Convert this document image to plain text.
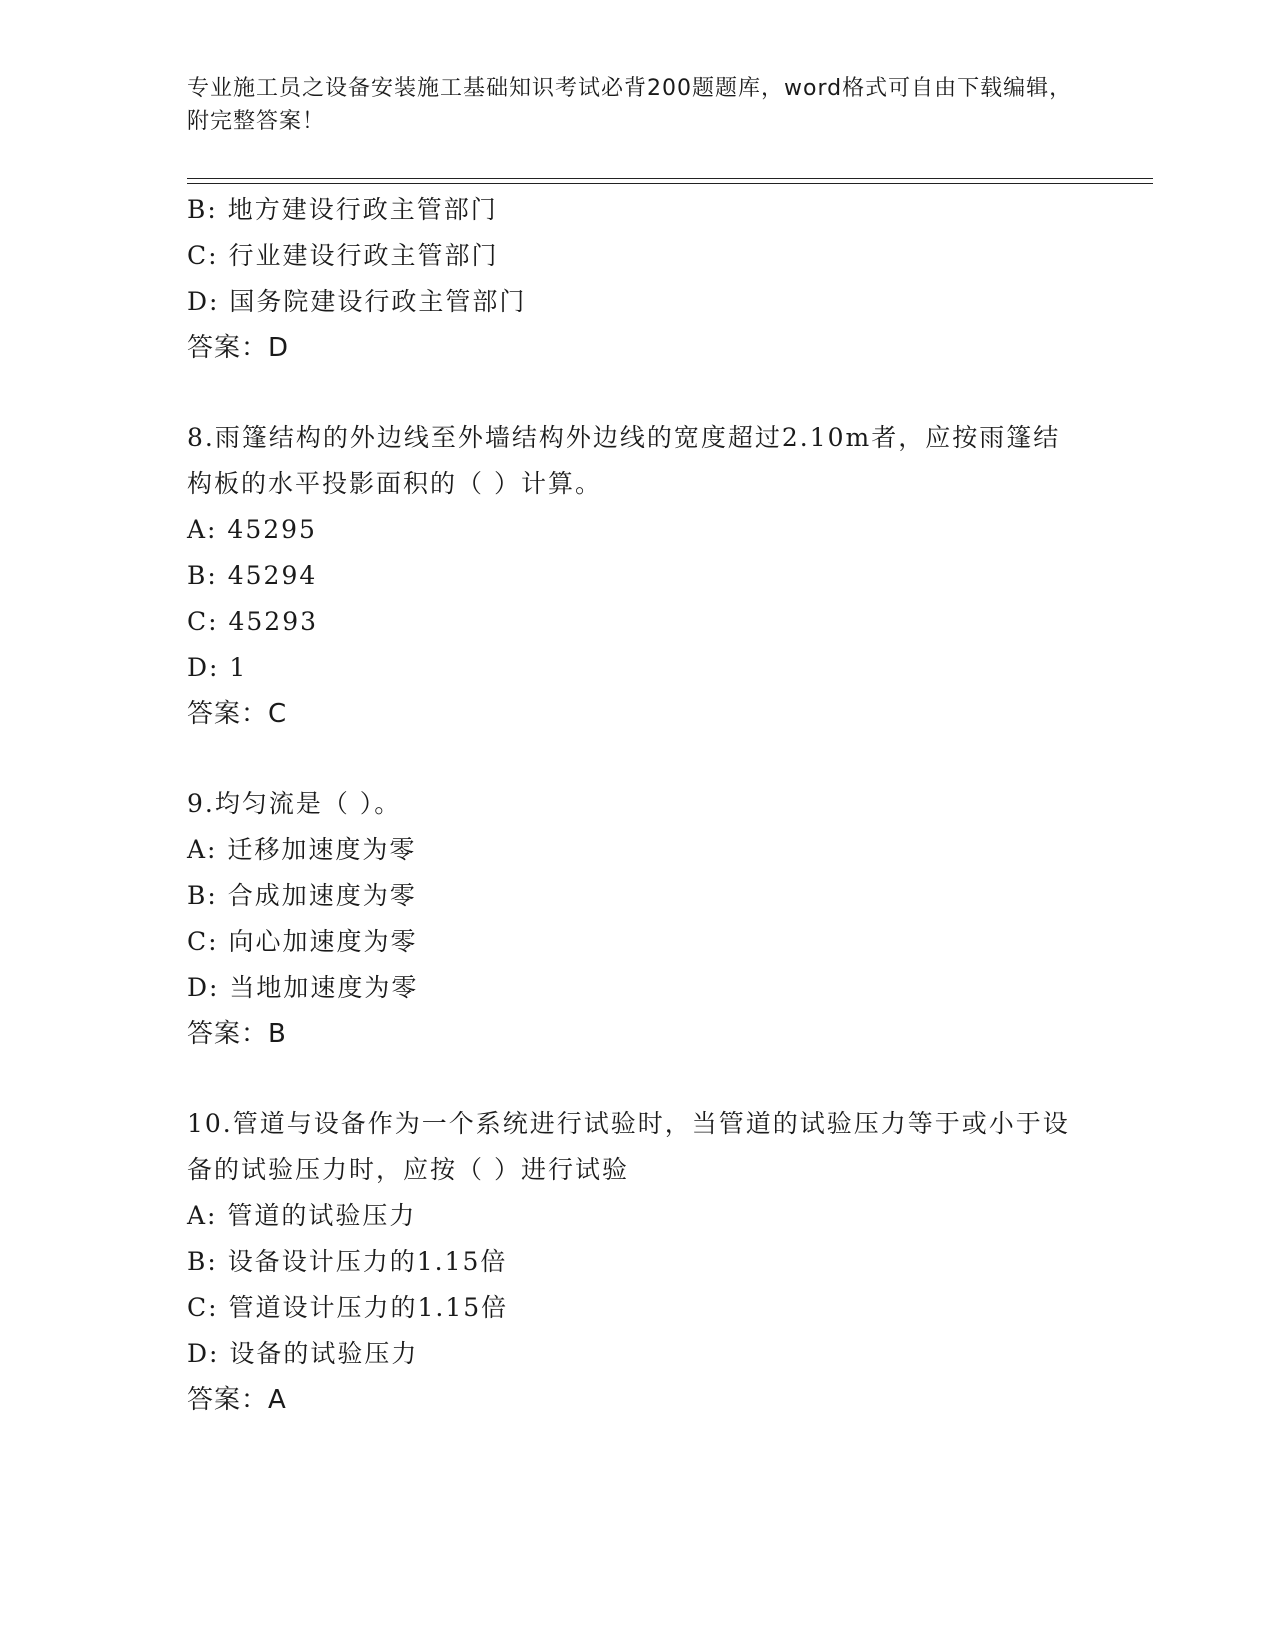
专业施工员之设备安装施工基础知识考试必背200题题库，word格式可自由下载编辑，附完整答案！
B: 地方建设行政主管部门
C: 行业建设行政主管部门
D: 国务院建设行政主管部门
答案：D
8.雨篷结构的外边线至外墙结构外边线的宽度超过2.10m者，应按雨篷结构板的水平投影面积的（ ）计算。
A: 45295
B: 45294
C: 45293
D: 1
答案：C
9.均匀流是（ ）。
A: 迁移加速度为零
B: 合成加速度为零
C: 向心加速度为零
D: 当地加速度为零
答案：B
10.管道与设备作为一个系统进行试验时，当管道的试验压力等于或小于设备的试验压力时，应按（ ）进行试验
A: 管道的试验压力
B: 设备设计压力的1.15倍
C: 管道设计压力的1.15倍
D: 设备的试验压力
答案：A
